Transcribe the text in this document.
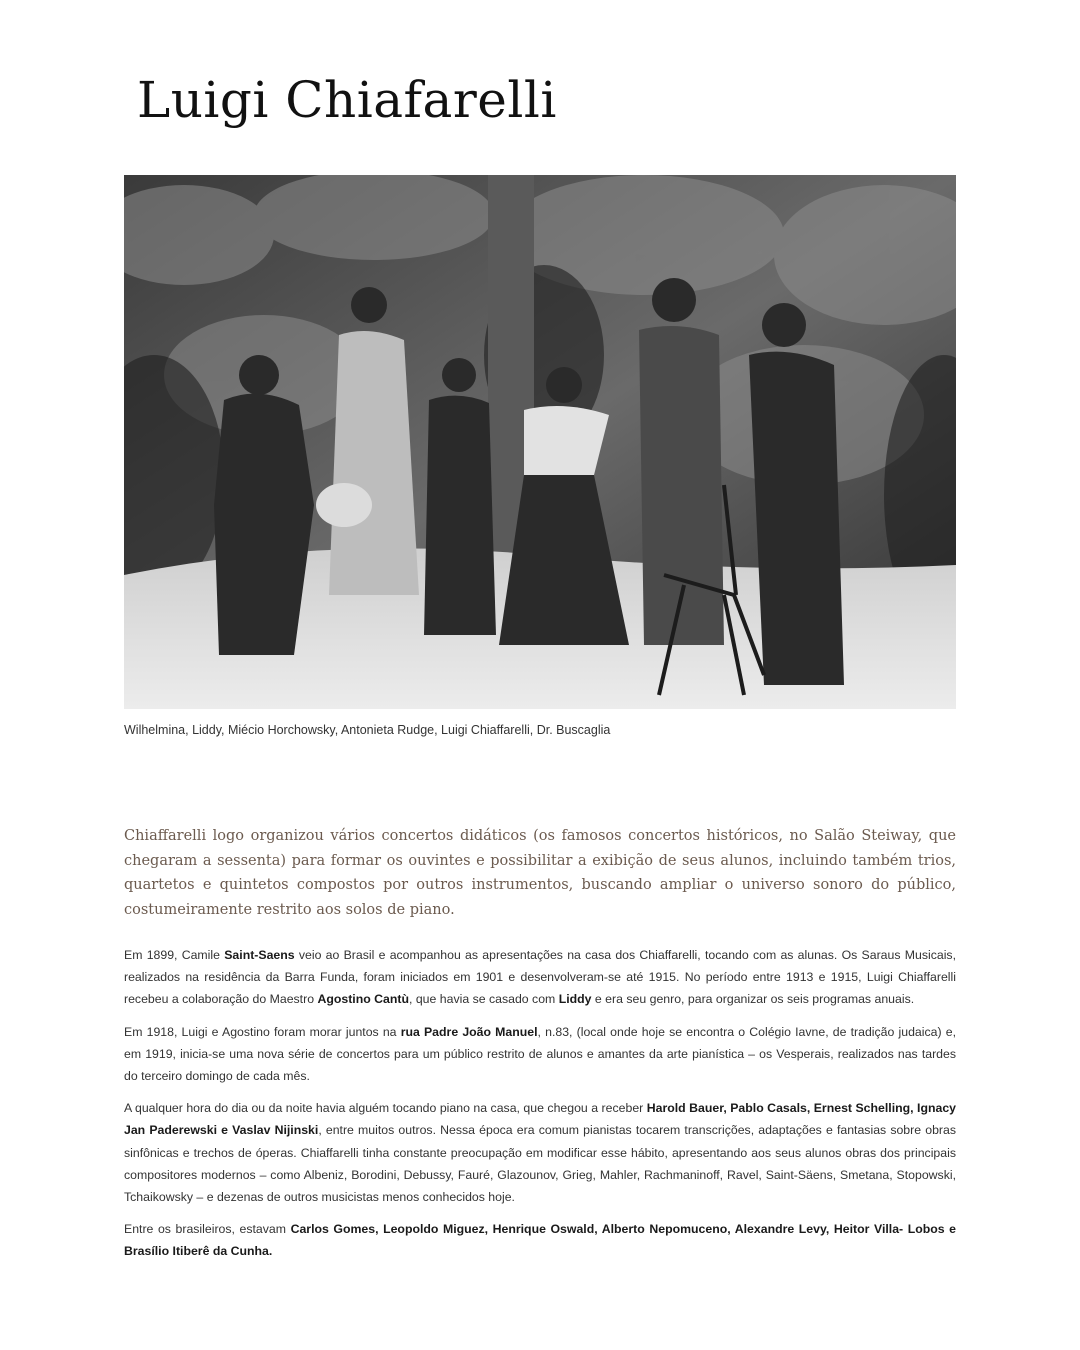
Luigi Chiafarelli

Wilhelmina, Liddy, Miécio Horchowsky, Antonieta Rudge, Luigi Chiaffarelli, Dr. Buscaglia

Chiaffarelli logo organizou vários concertos didáticos (os famosos concertos históricos, no Salão Steiway, que chegaram a sessenta) para formar os ouvintes e possibilitar a exibição de seus alunos, incluindo também trios, quartetos e quintetos compostos por outros instrumentos, buscando ampliar o universo sonoro do público, costumeiramente restrito aos solos de piano.

Em 1899, Camile Saint-Saens veio ao Brasil e acompanhou as apresentações na casa dos Chiaffarelli, tocando com as alunas. Os Saraus Musicais, realizados na residência da Barra Funda, foram iniciados em 1901 e desenvolveram-se até 1915. No período entre 1913 e 1915, Luigi Chiaffarelli recebeu a colaboração do Maestro Agostino Cantù, que havia se casado com Liddy e era seu genro, para organizar os seis programas anuais.

Em 1918, Luigi e Agostino foram morar juntos na rua Padre João Manuel, n.83, (local onde hoje se encontra o Colégio Iavne, de tradição judaica) e, em 1919, inicia-se uma nova série de concertos para um público restrito de alunos e amantes da arte pianística – os Vesperais, realizados nas tardes do terceiro domingo de cada mês.

A qualquer hora do dia ou da noite havia alguém tocando piano na casa, que chegou a receber Harold Bauer, Pablo Casals, Ernest Schelling, Ignacy Jan Paderewski e Vaslav Nijinski, entre muitos outros. Nessa época era comum pianistas tocarem transcrições, adaptações e fantasias sobre obras sinfônicas e trechos de óperas. Chiaffarelli tinha constante preocupação em modificar esse hábito, apresentando aos seus alunos obras dos principais compositores modernos – como Albeniz, Borodini, Debussy, Fauré, Glazounov, Grieg, Mahler, Rachmaninoff, Ravel, Saint-Säens, Smetana, Stopowski, Tchaikowsky – e dezenas de outros musicistas menos conhecidos hoje.

Entre os brasileiros, estavam Carlos Gomes, Leopoldo Miguez, Henrique Oswald, Alberto Nepomuceno, Alexandre Levy, Heitor Villa- Lobos e Brasílio Itiberê da Cunha.
